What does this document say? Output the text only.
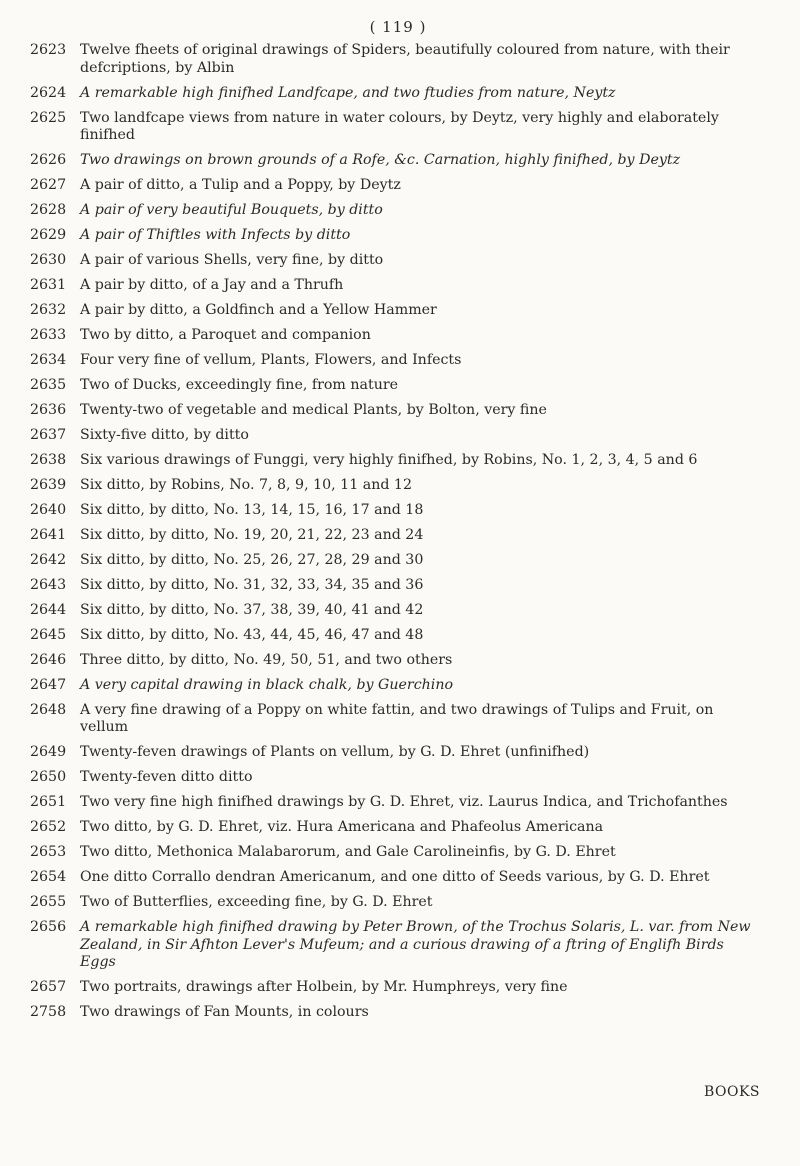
( 119 )
2623 Twelve fheets of original drawings of Spiders, beautifully coloured from nature, with their defcriptions, by Albin
2624 A remarkable high finifhed Landfcape, and two ftudies from nature, Neytz
2625 Two landfcape views from nature in water colours, by Deytz, very highly and elaborately finifhed
2626 Two drawings on brown grounds of a Rofe, &c. Carnation, highly finifhed, by Deytz
2627 A pair of ditto, a Tulip and a Poppy, by Deytz
2628 A pair of very beautiful Bouquets, by ditto
2629 A pair of Thiftles with Infects by ditto
2630 A pair of various Shells, very fine, by ditto
2631 A pair by ditto, of a Jay and a Thrufh
2632 A pair by ditto, a Goldfinch and a Yellow Hammer
2633 Two by ditto, a Paroquet and companion
2634 Four very fine of vellum, Plants, Flowers, and Infects
2635 Two of Ducks, exceedingly fine, from nature
2636 Twenty-two of vegetable and medical Plants, by Bolton, very fine
2637 Sixty-five ditto, by ditto
2638 Six various drawings of Funggi, very highly finifhed, by Robins, No. 1, 2, 3, 4, 5 and 6
2639 Six ditto, by Robins, No. 7, 8, 9, 10, 11 and 12
2640 Six ditto, by ditto, No. 13, 14, 15, 16, 17 and 18
2641 Six ditto, by ditto, No. 19, 20, 21, 22, 23 and 24
2642 Six ditto, by ditto, No. 25, 26, 27, 28, 29 and 30
2643 Six ditto, by ditto, No. 31, 32, 33, 34, 35 and 36
2644 Six ditto, by ditto, No. 37, 38, 39, 40, 41 and 42
2645 Six ditto, by ditto, No. 43, 44, 45, 46, 47 and 48
2646 Three ditto, by ditto, No. 49, 50, 51, and two others
2647 A very capital drawing in black chalk, by Guerchino
2648 A very fine drawing of a Poppy on white fattin, and two drawings of Tulips and Fruit, on vellum
2649 Twenty-feven drawings of Plants on vellum, by G. D. Ehret (unfinifhed)
2650 Twenty-feven ditto ditto
2651 Two very fine high finifhed drawings by G. D. Ehret, viz. Laurus Indica, and Trichofanthes
2652 Two ditto, by G. D. Ehret, viz. Hura Americana and Phafeolus Americana
2653 Two ditto, Methonica Malabarorum, and Gale Carolineinfis, by G. D. Ehret
2654 One ditto Corrallo dendran Americanum, and one ditto of Seeds various, by G. D. Ehret
2655 Two of Butterflies, exceeding fine, by G. D. Ehret
2656 A remarkable high finifhed drawing by Peter Brown, of the Trochus Solaris, L. var. from New Zealand, in Sir Afhton Lever's Mufeum; and a curious drawing of a ftring of Englifh Birds Eggs
2657 Two portraits, drawings after Holbein, by Mr. Humphreys, very fine
2758 Two drawings of Fan Mounts, in colours
BOOKS
